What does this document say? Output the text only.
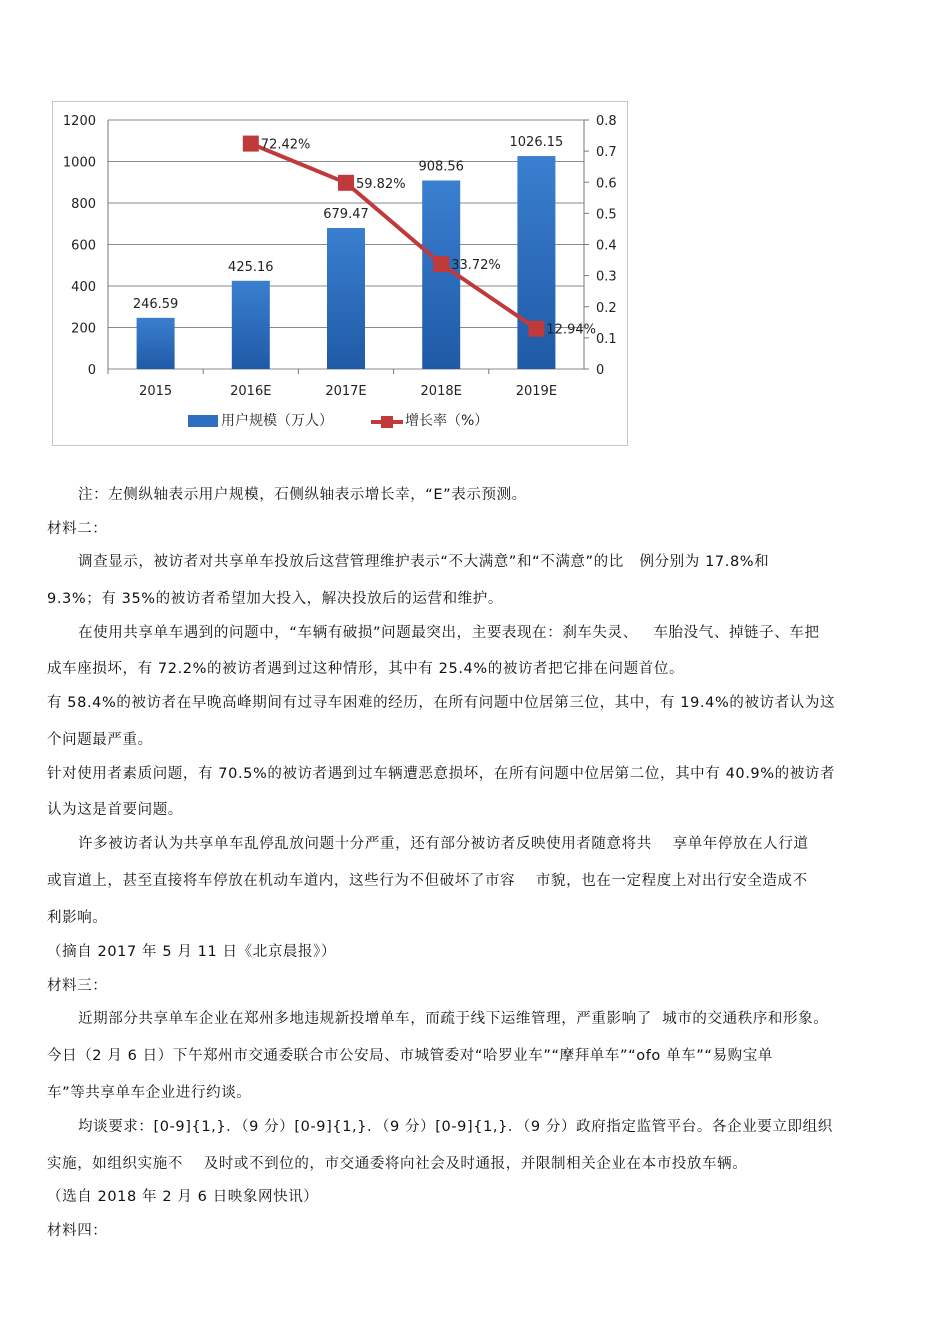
0
200
400
600
800
1000
1200
0
0.1
0.2
0.3
0.4
0.5
0.6
0.7
0.8
2015	2016E	2017E	2018E	2019E
246.59
425.16
679.47
908.56
1026.15
72.42%
59.82%
33.72%
12.94%
用户规模（万人）	增长率（%）
注：左侧纵轴表示用户规模，石侧纵轴表示增长幸，“E”表示预测。
材料二：
调查显示，被访者对共享单车投放后这营管理维护表示“不大满意”和“不满意”的比   例分别为 17.8%和
9.3%；有 35%的被访者希望加大投入，解决投放后的运营和维护。
在使用共享单车遇到的问题中，“车辆有破损”问题最突出，主要表现在：刹车失灵、   车胎没气、掉链子、车把
成车座损坏，有 72.2%的被访者遇到过这种情形，其中有 25.4%的被访者把它排在问题首位。
有 58.4%的被访者在早晚高峰期间有过寻车困难的经历，在所有问题中位居第三位，其中，有 19.4%的被访者认为这
个问题最严重。
针对使用者素质问题，有 70.5%的被访者遇到过车辆遭恶意损坏，在所有问题中位居第二位，其中有 40.9%的被访者
认为这是首要问题。
许多被访者认为共享单车乱停乱放问题十分严重，还有部分被访者反映使用者随意将共    享单年停放在人行道
或盲道上，甚至直接将车停放在机动车道内，这些行为不但破坏了市容    市貌，也在一定程度上对出行安全造成不
利影响。
（摘自 2017 年 5 月 11 日《北京晨报》）
材料三：
近期部分共享单车企业在郑州多地违规新投增单车，而疏于线下运维管理，严重影响了  城市的交通秩序和形象。
今日（2 月 6 日）下午郑州市交通委联合市公安局、市城管委对“哈罗业车”“摩拜单车”“ofo 单车”“易购宝单
车”等共享单车企业进行约谈。
均谈要求：[0-9]{1,}．（9 分）[0-9]{1,}．（9 分）[0-9]{1,}．（9 分）政府指定监管平台。各企业要立即组织
实施，如组织实施不    及时或不到位的，市交通委将向社会及时通报，并限制相关企业在本市投放车辆。
（选自 2018 年 2 月 6 日映象网快讯）
材料四：
